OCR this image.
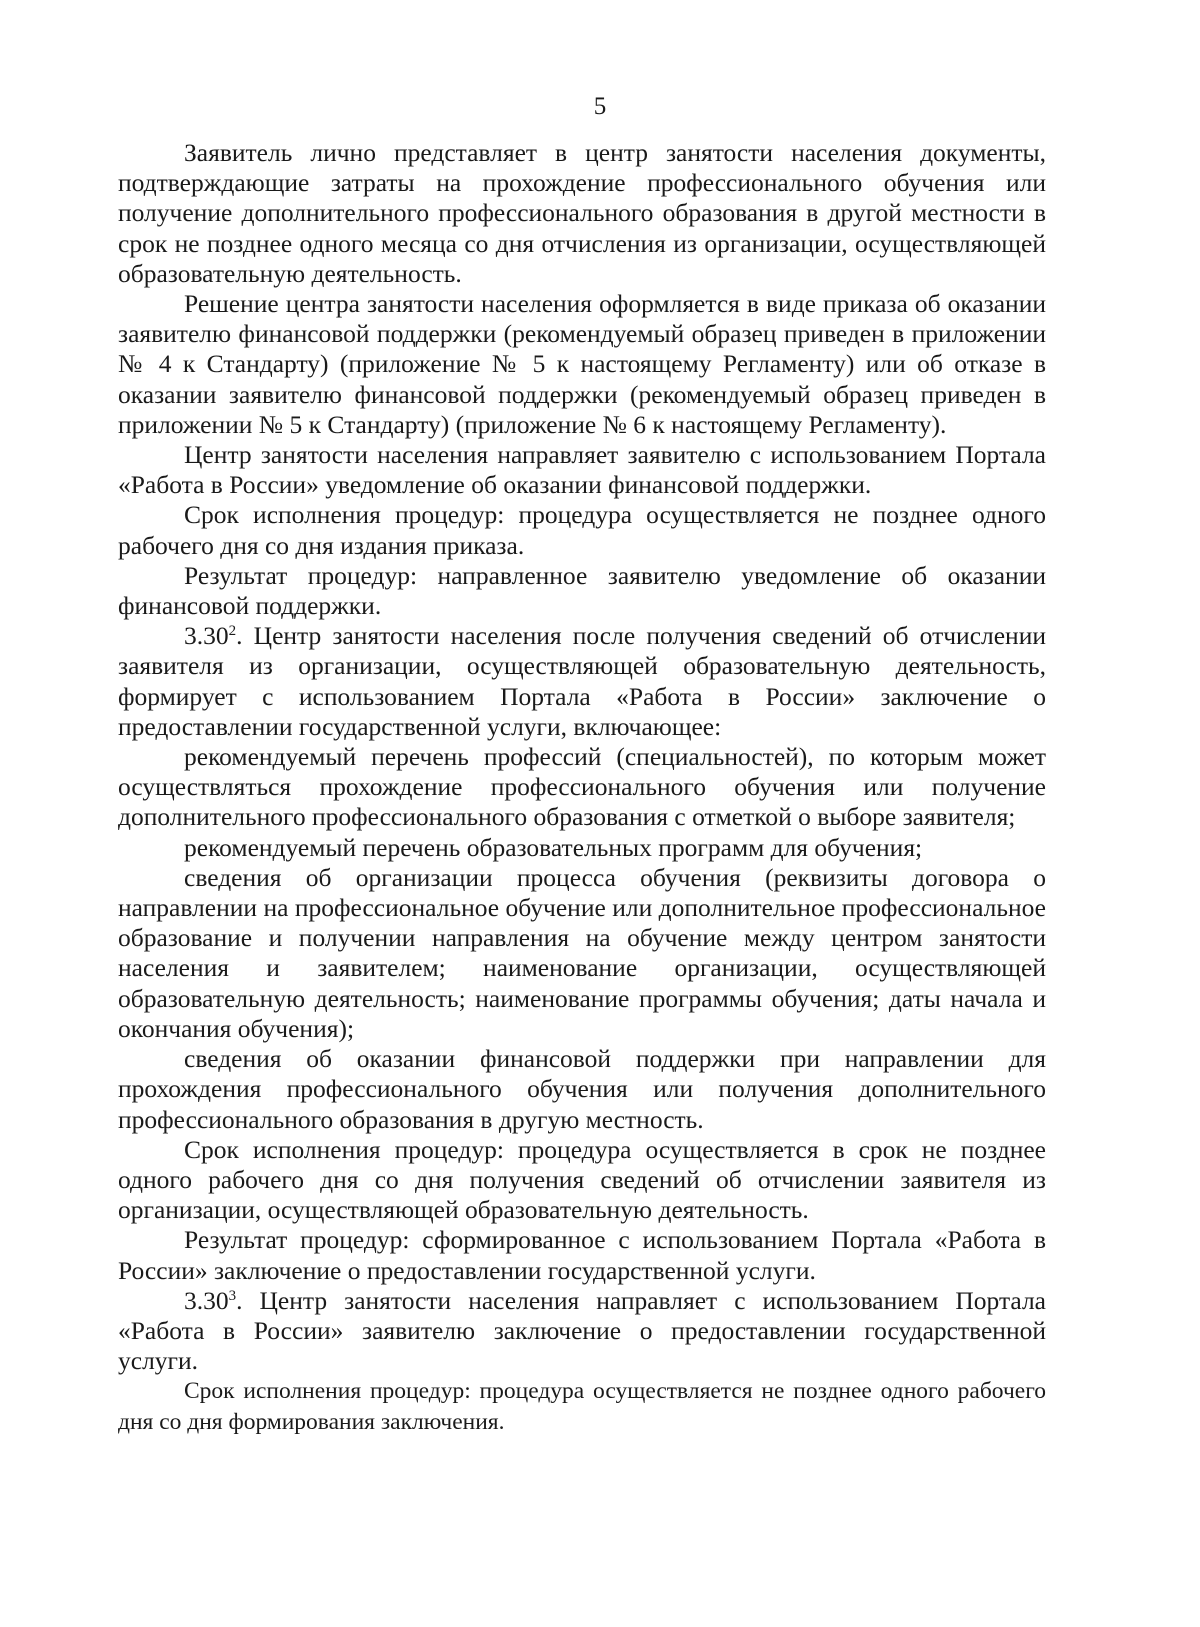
5

Заявитель лично представляет в центр занятости населения документы, подтверждающие затраты на прохождение профессионального обучения или получение дополнительного профессионального образования в другой местности в срок не позднее одного месяца со дня отчисления из организации, осуществляющей образовательную деятельность.

Решение центра занятости населения оформляется в виде приказа об оказании заявителю финансовой поддержки (рекомендуемый образец приведен в приложении № 4 к Стандарту) (приложение № 5 к настоящему Регламенту) или об отказе в оказании заявителю финансовой поддержки (рекомендуемый образец приведен в приложении № 5 к Стандарту) (приложение № 6 к настоящему Регламенту).

Центр занятости населения направляет заявителю с использованием Портала «Работа в России» уведомление об оказании финансовой поддержки.

Срок исполнения процедур: процедура осуществляется не позднее одного рабочего дня со дня издания приказа.

Результат процедур: направленное заявителю уведомление об оказании финансовой поддержки.

3.30$^2$. Центр занятости населения после получения сведений об отчислении заявителя из организации, осуществляющей образовательную деятельность, формирует с использованием Портала «Работа в России» заключение о предоставлении государственной услуги, включающее:

рекомендуемый перечень профессий (специальностей), по которым может осуществляться прохождение профессионального обучения или получение дополнительного профессионального образования с отметкой о выборе заявителя;

рекомендуемый перечень образовательных программ для обучения;

сведения об организации процесса обучения (реквизиты договора о направлении на профессиональное обучение или дополнительное профессиональное образование и получении направления на обучение между центром занятости населения и заявителем; наименование организации, осуществляющей образовательную деятельность; наименование программы обучения; даты начала и окончания обучения);

сведения об оказании финансовой поддержки при направлении для прохождения профессионального обучения или получения дополнительного профессионального образования в другую местность.

Срок исполнения процедур: процедура осуществляется в срок не позднее одного рабочего дня со дня получения сведений об отчислении заявителя из организации, осуществляющей образовательную деятельность.

Результат процедур: сформированное с использованием Портала «Работа в России» заключение о предоставлении государственной услуги.

3.30$^3$. Центр занятости населения направляет с использованием Портала «Работа в России» заявителю заключение о предоставлении государственной услуги.

Срок исполнения процедур: процедура осуществляется не позднее одного рабочего дня со дня формирования заключения.
